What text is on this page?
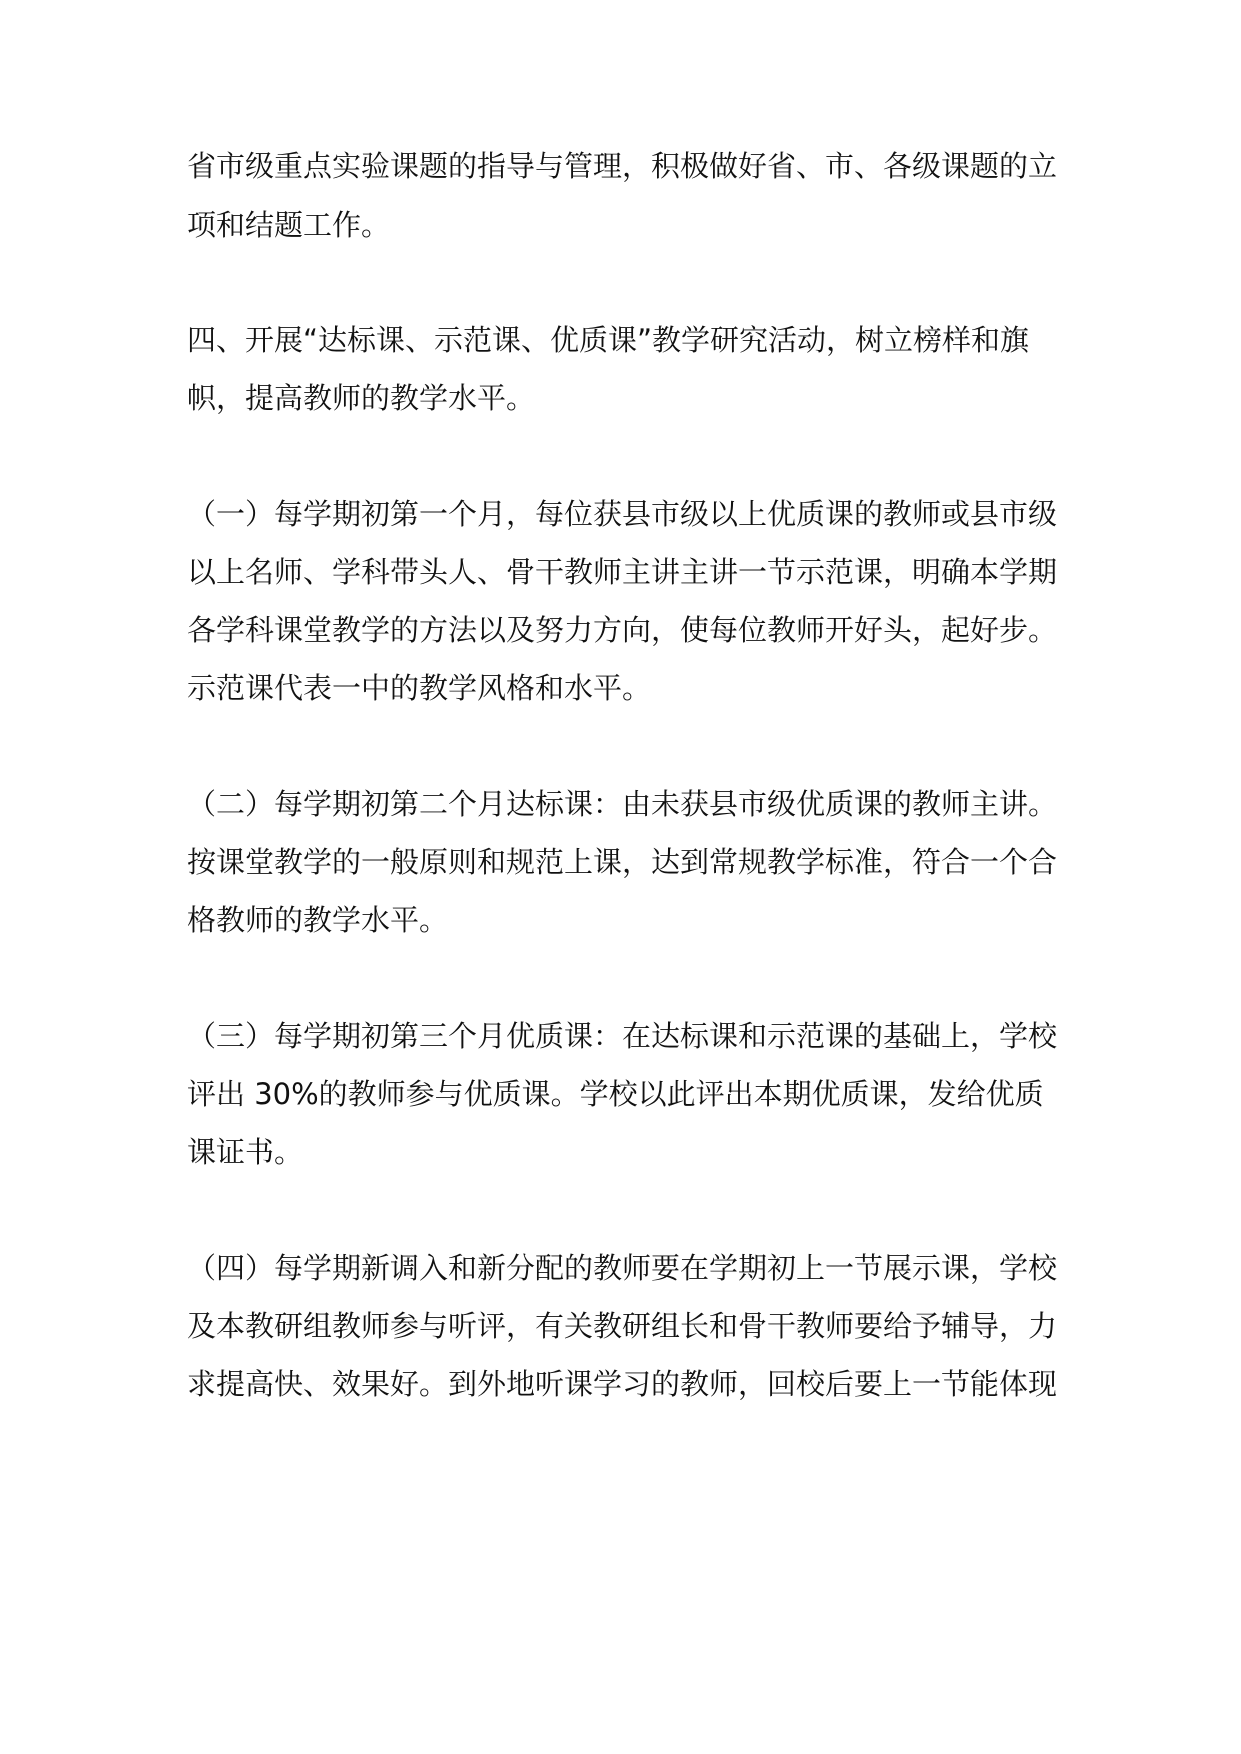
省市级重点实验课题的指导与管理，积极做好省、市、各级课题的立

项和结题工作。

四、开展“达标课、示范课、优质课”教学研究活动，树立榜样和旗

帜，提高教师的教学水平。

（一）每学期初第一个月，每位获县市级以上优质课的教师或县市级

以上名师、学科带头人、骨干教师主讲主讲一节示范课，明确本学期

各学科课堂教学的方法以及努力方向，使每位教师开好头，起好步。

示范课代表一中的教学风格和水平。

（二）每学期初第二个月达标课：由未获县市级优质课的教师主讲。

按课堂教学的一般原则和规范上课，达到常规教学标准，符合一个合

格教师的教学水平。

（三）每学期初第三个月优质课：在达标课和示范课的基础上，学校

评出 30%的教师参与优质课。学校以此评出本期优质课，发给优质

课证书。

（四）每学期新调入和新分配的教师要在学期初上一节展示课，学校

及本教研组教师参与听评，有关教研组长和骨干教师要给予辅导，力

求提高快、效果好。到外地听课学习的教师，回校后要上一节能体现
